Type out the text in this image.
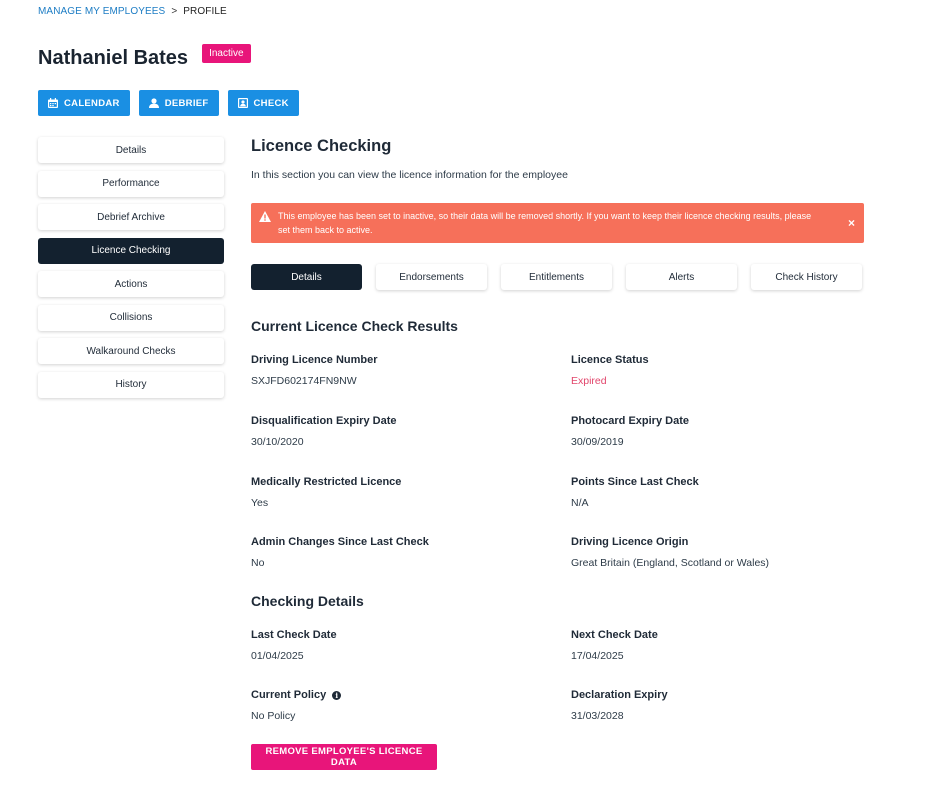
MANAGE MY EMPLOYEES > PROFILE
Nathaniel Bates	Inactive
CALENDAR	DEBRIEF	CHECK
Details
Performance
Debrief Archive
Licence Checking
Actions
Collisions
Walkaround Checks
History
Licence Checking

In this section you can view the licence information for the employee

This employee has been set to inactive, so their data will be removed shortly. If you want to keep their licence checking results, please set them back to active.	×
Details	Endorsements	Entitlements	Alerts	Check History
Current Licence Check Results
Driving Licence Number
SXJFD602174FN9NW
Licence Status
Expired
Disqualification Expiry Date
30/10/2020
Photocard Expiry Date
30/09/2019
Medically Restricted Licence
Yes
Points Since Last Check
N/A
Admin Changes Since Last Check
No
Driving Licence Origin
Great Britain (England, Scotland or Wales)
Checking Details
Last Check Date
01/04/2025
Next Check Date
17/04/2025
Current Policy	i
No Policy
Declaration Expiry
31/03/2028
REMOVE EMPLOYEE'S LICENCE DATA
